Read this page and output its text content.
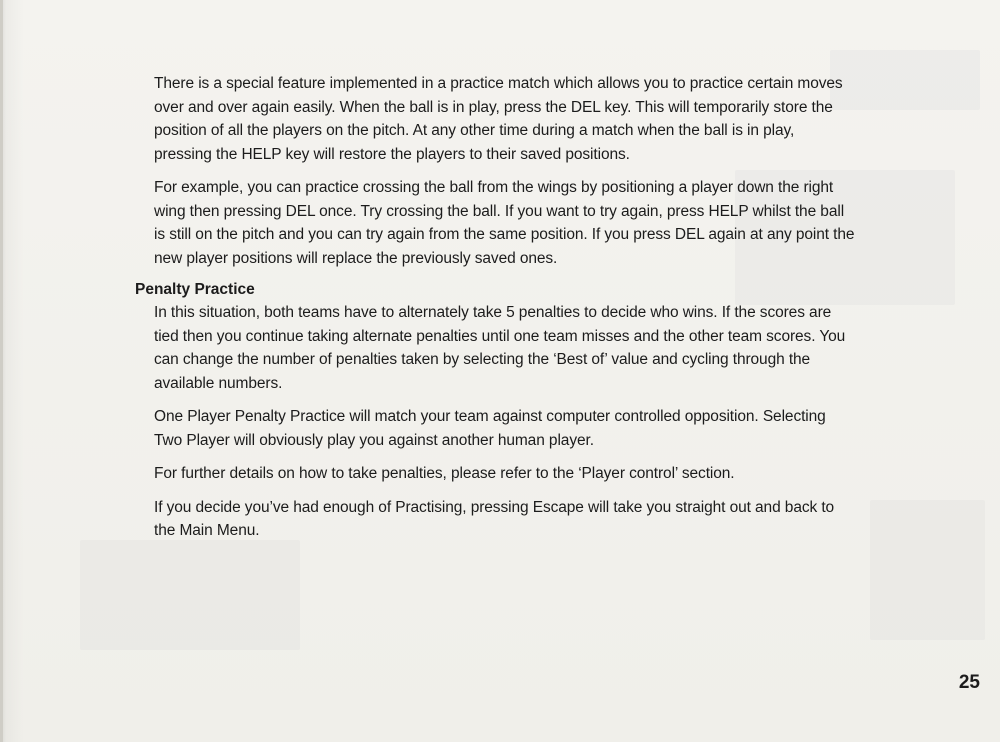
There is a special feature implemented in a practice match which allows you to practice certain moves over and over again easily. When the ball is in play, press the DEL key. This will temporarily store the position of all the players on the pitch. At any other time during a match when the ball is in play, pressing the HELP key will restore the players to their saved positions.

For example, you can practice crossing the ball from the wings by positioning a player down the right wing then pressing DEL once. Try crossing the ball. If you want to try again, press HELP whilst the ball is still on the pitch and you can try again from the same position. If you press DEL again at any point the new player positions will replace the previously saved ones.

Penalty Practice

In this situation, both teams have to alternately take 5 penalties to decide who wins. If the scores are tied then you continue taking alternate penalties until one team misses and the other team scores. You can change the number of penalties taken by selecting the ‘Best of’ value and cycling through the available numbers.

One Player Penalty Practice will match your team against computer controlled opposition. Selecting Two Player will obviously play you against another human player.

For further details on how to take penalties, please refer to the ‘Player control’ section.

If you decide you’ve had enough of Practising, pressing Escape will take you straight out and back to the Main Menu.

25
